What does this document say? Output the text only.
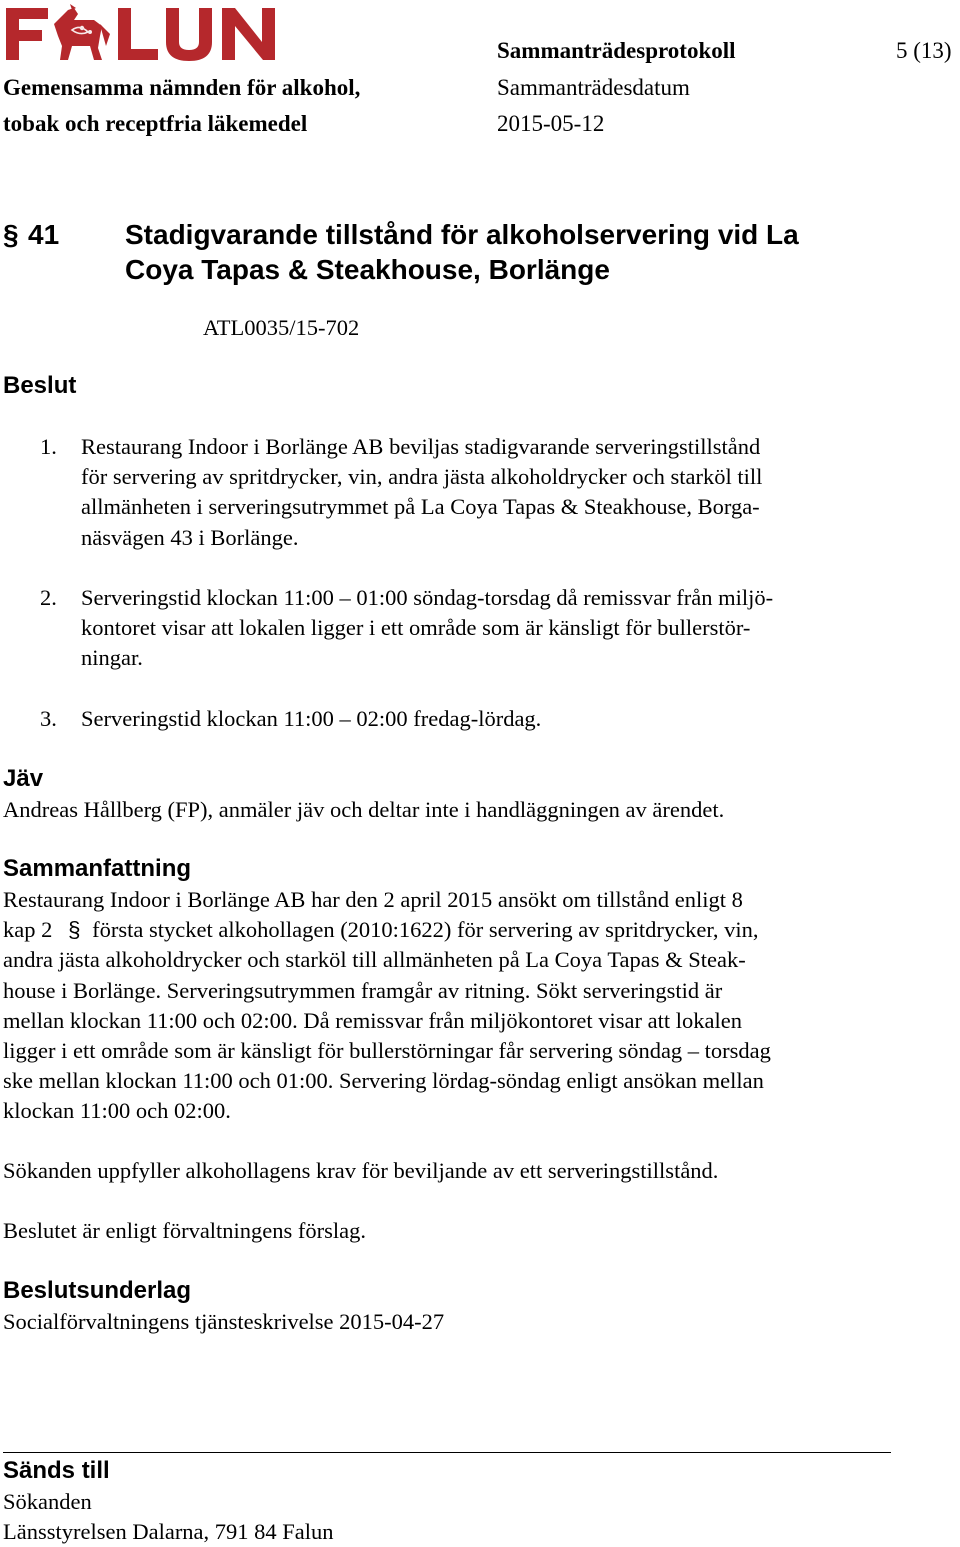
Sammanträdesprotokoll	5 (13)
Gemensamma nämnden för alkohol,	Sammanträdesdatum
tobak och receptfria läkemedel	2015-05-12
§ 41 Stadigvarande tillstånd för alkoholservering vid La
Coya Tapas & Steakhouse, Borlänge
ATL0035/15-702
Beslut
1. Restaurang Indoor i Borlänge AB beviljas stadigvarande serveringstillstånd
för servering av spritdrycker, vin, andra jästa alkoholdrycker och starköl till
allmänheten i serveringsutrymmet på La Coya Tapas & Steakhouse, Borga-
näsvägen 43 i Borlänge.
2. Serveringstid klockan 11:00 – 01:00 söndag-torsdag då remissvar från miljö-
kontoret visar att lokalen ligger i ett område som är känsligt för bullerstör-
ningar.
3. Serveringstid klockan 11:00 – 02:00 fredag-lördag.
Jäv
Andreas Hållberg (FP), anmäler jäv och deltar inte i handläggningen av ärendet.
Sammanfattning
Restaurang Indoor i Borlänge AB har den 2 april 2015 ansökt om tillstånd enligt 8
kap 2 § första stycket alkohollagen (2010:1622) för servering av spritdrycker, vin,
andra jästa alkoholdrycker och starköl till allmänheten på La Coya Tapas & Steak-
house i Borlänge. Serveringsutrymmen framgår av ritning. Sökt serveringstid är
mellan klockan 11:00 och 02:00. Då remissvar från miljökontoret visar att lokalen
ligger i ett område som är känsligt för bullerstörningar får servering söndag – torsdag
ske mellan klockan 11:00 och 01:00. Servering lördag-söndag enligt ansökan mellan
klockan 11:00 och 02:00.
Sökanden uppfyller alkohollagens krav för beviljande av ett serveringstillstånd.
Beslutet är enligt förvaltningens förslag.
Beslutsunderlag
Socialförvaltningens tjänsteskrivelse 2015-04-27
Sänds till
Sökanden
Länsstyrelsen Dalarna, 791 84 Falun
